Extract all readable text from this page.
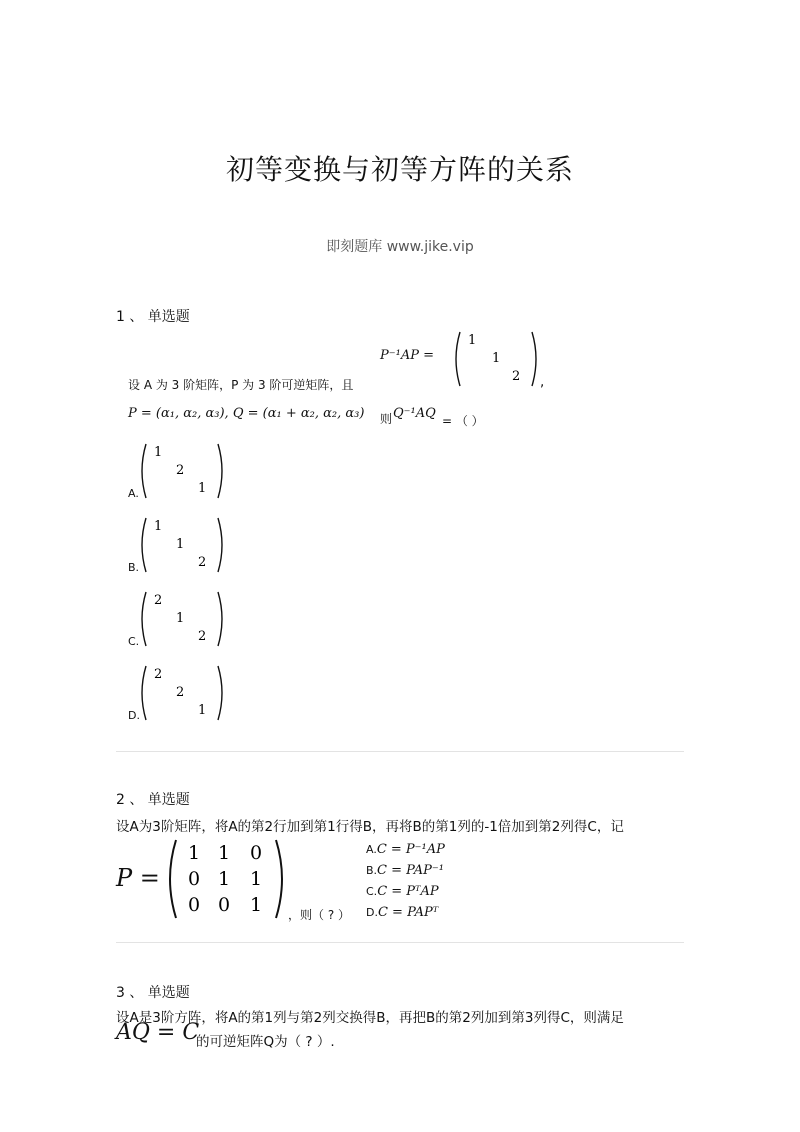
初等变换与初等方阵的关系
即刻题库 www.jike.vip
1 、 单选题
P⁻¹AP =
1
1
2 ,
设 A 为 3 阶矩阵，P 为 3 阶可逆矩阵，且
P = (α₁, α₂, α₃), Q = (α₁ + α₂, α₂, α₃) 则 Q⁻¹AQ = （ ）
A.
1
2
1
B.
1
1
2
C.
2
1
2
D.
2
2
1
2 、 单选题
设A为3阶矩阵，将A的第2行加到第1行得B，再将B的第1列的-1倍加到第2列得C，记
P =
1 1 0
0 1 1
0 0 1 ，则（ ? ）
A.C = P⁻¹AP
B.C = PAP⁻¹
C.C = PᵀAP
D.C = PAPᵀ
3 、 单选题
设A是3阶方阵，将A的第1列与第2列交换得B，再把B的第2列加到第3列得C，则满足
AQ = C
的可逆矩阵Q为（ ? ）.
